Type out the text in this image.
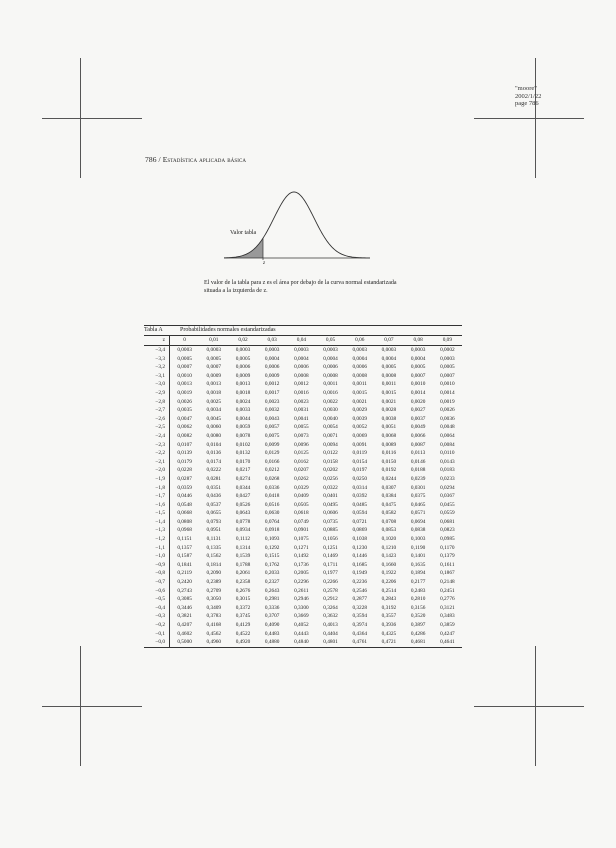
"moore"
2002/1/22
page 786
786 / Estadística aplicada básica
Valor tabla
z
El valor de la tabla para z es el área por debajo de la curva normal estandarizada situada a la izquierda de z.
Tabla A	Probabilidades normales estandarizadas
z	0	0,01	0,02	0,03	0,04	0,05	0,06	0,07	0,08	0,09
−3,4	0,0003	0,0003	0,0003	0,0003	0,0003	0,0003	0,0003	0,0003	0,0003	0,0002
−3,3	0,0005	0,0005	0,0005	0,0004	0,0004	0,0004	0,0004	0,0004	0,0004	0,0003
−3,2	0,0007	0,0007	0,0006	0,0006	0,0006	0,0006	0,0006	0,0005	0,0005	0,0005
−3,1	0,0010	0,0009	0,0009	0,0009	0,0008	0,0008	0,0008	0,0008	0,0007	0,0007
−3,0	0,0013	0,0013	0,0013	0,0012	0,0012	0,0011	0,0011	0,0011	0,0010	0,0010
−2,9	0,0019	0,0018	0,0018	0,0017	0,0016	0,0016	0,0015	0,0015	0,0014	0,0014
−2,8	0,0026	0,0025	0,0024	0,0023	0,0023	0,0022	0,0021	0,0021	0,0020	0,0019
−2,7	0,0035	0,0034	0,0033	0,0032	0,0031	0,0030	0,0029	0,0028	0,0027	0,0026
−2,6	0,0047	0,0045	0,0044	0,0043	0,0041	0,0040	0,0039	0,0038	0,0037	0,0036
−2,5	0,0062	0,0060	0,0059	0,0057	0,0055	0,0054	0,0052	0,0051	0,0049	0,0048
−2,4	0,0082	0,0080	0,0078	0,0075	0,0073	0,0071	0,0069	0,0068	0,0066	0,0064
−2,3	0,0107	0,0104	0,0102	0,0099	0,0096	0,0094	0,0091	0,0089	0,0087	0,0084
−2,2	0,0139	0,0136	0,0132	0,0129	0,0125	0,0122	0,0119	0,0116	0,0113	0,0110
−2,1	0,0179	0,0174	0,0170	0,0166	0,0162	0,0158	0,0154	0,0150	0,0146	0,0143
−2,0	0,0228	0,0222	0,0217	0,0212	0,0207	0,0202	0,0197	0,0192	0,0188	0,0183
−1,9	0,0287	0,0281	0,0274	0,0268	0,0262	0,0256	0,0250	0,0244	0,0239	0,0233
−1,8	0,0359	0,0351	0,0344	0,0336	0,0329	0,0322	0,0314	0,0307	0,0301	0,0294
−1,7	0,0446	0,0436	0,0427	0,0418	0,0409	0,0401	0,0392	0,0384	0,0375	0,0367
−1,6	0,0548	0,0537	0,0526	0,0516	0,0505	0,0495	0,0485	0,0475	0,0465	0,0455
−1,5	0,0668	0,0655	0,0643	0,0630	0,0618	0,0606	0,0594	0,0582	0,0571	0,0559
−1,4	0,0808	0,0793	0,0778	0,0764	0,0749	0,0735	0,0721	0,0708	0,0694	0,0681
−1,3	0,0968	0,0951	0,0934	0,0918	0,0901	0,0885	0,0869	0,0853	0,0838	0,0823
−1,2	0,1151	0,1131	0,1112	0,1093	0,1075	0,1056	0,1038	0,1020	0,1003	0,0985
−1,1	0,1357	0,1335	0,1314	0,1292	0,1271	0,1251	0,1230	0,1210	0,1190	0,1170
−1,0	0,1587	0,1562	0,1539	0,1515	0,1492	0,1469	0,1446	0,1423	0,1401	0,1379
−0,9	0,1841	0,1814	0,1788	0,1762	0,1736	0,1711	0,1685	0,1660	0,1635	0,1611
−0,8	0,2119	0,2090	0,2061	0,2033	0,2005	0,1977	0,1949	0,1922	0,1894	0,1867
−0,7	0,2420	0,2389	0,2358	0,2327	0,2296	0,2266	0,2236	0,2206	0,2177	0,2148
−0,6	0,2743	0,2709	0,2676	0,2643	0,2611	0,2578	0,2546	0,2514	0,2483	0,2451
−0,5	0,3085	0,3050	0,3015	0,2981	0,2946	0,2912	0,2877	0,2843	0,2810	0,2776
−0,4	0,3446	0,3409	0,3372	0,3336	0,3300	0,3264	0,3228	0,3192	0,3156	0,3121
−0,3	0,3821	0,3783	0,3745	0,3707	0,3669	0,3632	0,3594	0,3557	0,3520	0,3483
−0,2	0,4207	0,4168	0,4129	0,4090	0,4052	0,4013	0,3974	0,3936	0,3897	0,3859
−0,1	0,4602	0,4562	0,4522	0,4483	0,4443	0,4404	0,4364	0,4325	0,4286	0,4247
−0,0	0,5000	0,4960	0,4920	0,4880	0,4840	0,4801	0,4761	0,4721	0,4681	0,4641
